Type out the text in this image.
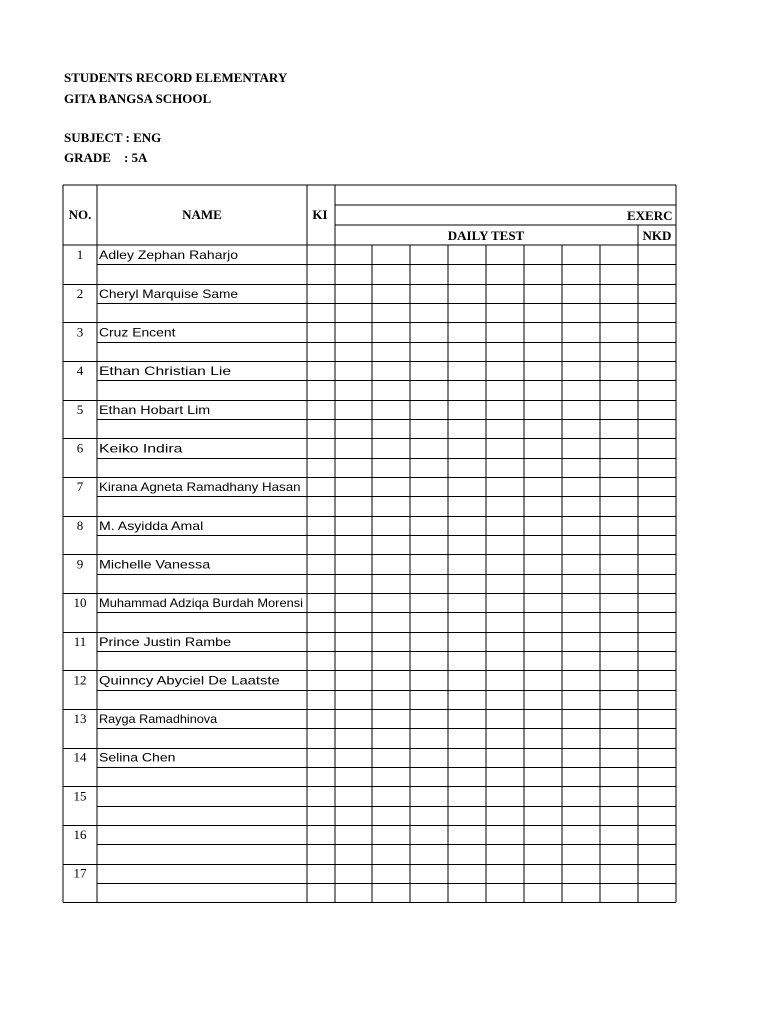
STUDENTS RECORD ELEMENTARY
GITA BANGSA SCHOOL
SUBJECT : ENG
GRADE    : 5A
NO.	NAME	KI	EXERC
DAILY TEST	NKD
1 Adley Zephan Raharjo
2 Cheryl Marquise Same
3 Cruz Encent
4 Ethan Christian Lie
5 Ethan Hobart Lim
6 Keiko Indira
7 Kirana Agneta Ramadhany Hasan
8 M. Asyidda Amal
9 Michelle Vanessa
10 Muhammad Adziqa Burdah Morensi
11 Prince Justin Rambe
12 Quinncy Abyciel De Laatste
13 Rayga Ramadhinova
14 Selina Chen
15
16
17
